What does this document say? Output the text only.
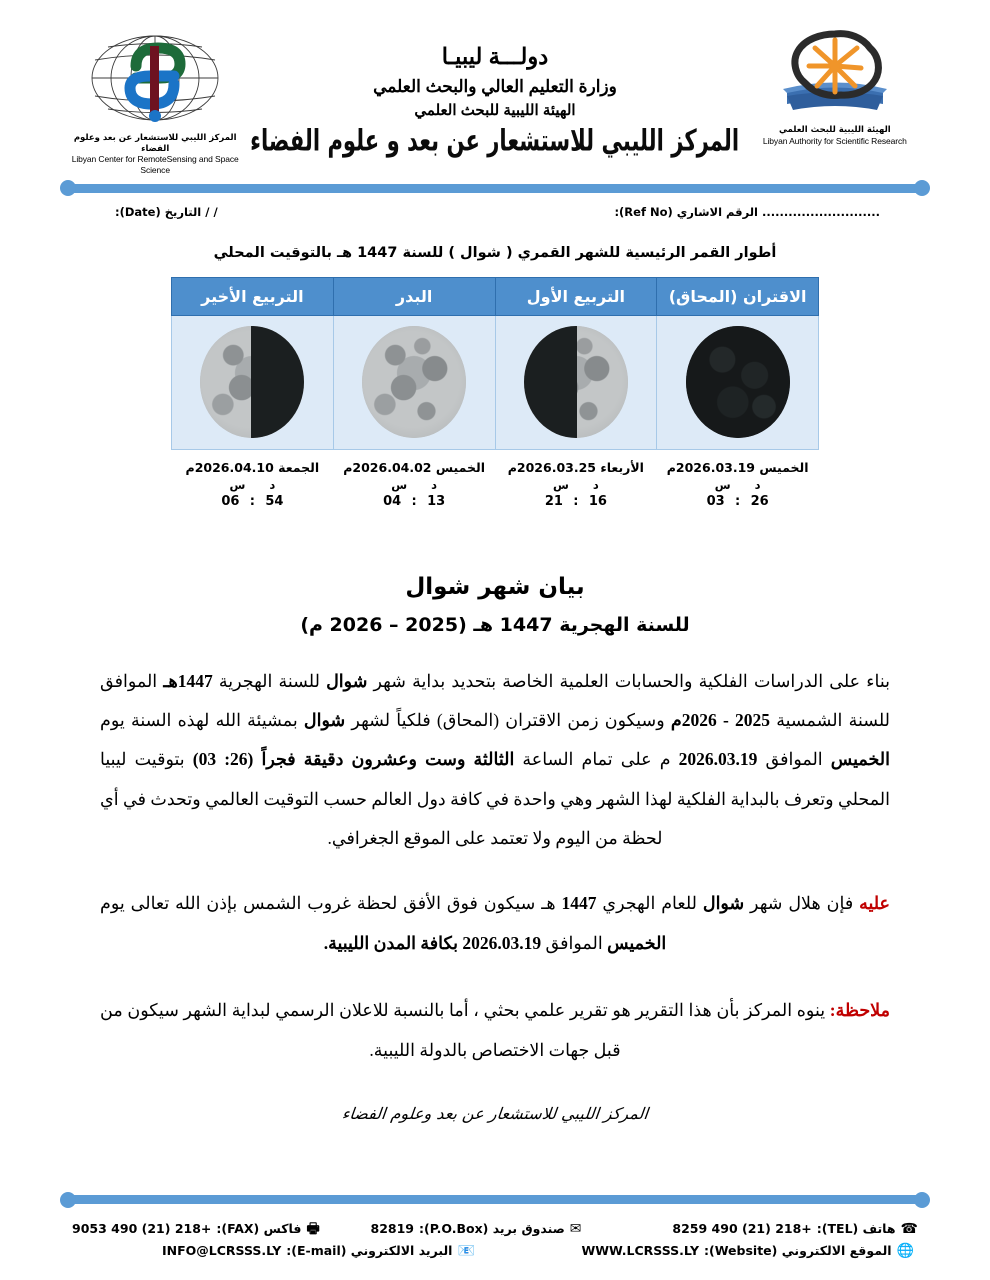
الهيئة الليبية للبحث العلمي
Libyan Authority for Scientific Research
دولـــة ليبيـا
وزارة التعليم العالي والبحث العلمي
الهيئة الليبية للبحث العلمي
المركز الليبي للاستشعار عن بعد و علوم الفضاء
المركز الليبي للاستشعار عن بعد وعلوم الفضاء
Libyan Center for RemoteSensing and Space Science
........................... الرقم الاشاري (Ref No):
/ / التاريخ (Date):
أطوار القمر الرئيسية للشهر القمري ( شوال ) للسنة 1447 هـ بالتوقيت المحلي
الاقتران (المحاق)	التربيع الأول	البدر	التربيع الأخير

الخميس 2026.03.19م
د
س
26
:
03

الأربعاء 2026.03.25م
د
س
16
:
21

الخميس 2026.04.02م
د
س
13
:
04

الجمعة 2026.04.10م
د
س
54
:
06
بيان شهر شوال
للسنة الهجرية 1447 هـ (2025 – 2026 م)
بناء على الدراسات الفلكية والحسابات العلمية الخاصة بتحديد بداية شهر شوال للسنة الهجرية 1447هـ الموافق للسنة الشمسية 2025 - 2026م وسيكون زمن الاقتران (المحاق) فلكياً لشهر شوال بمشيئة الله لهذه السنة يوم الخميس الموافق 2026.03.19 م على تمام الساعة الثالثة وست وعشرون دقيقة فجراً (26: 03) بتوقيت ليبيا المحلي وتعرف بالبداية الفلكية لهذا الشهر وهي واحدة في كافة دول العالم حسب التوقيت العالمي وتحدث في أي لحظة من اليوم ولا تعتمد على الموقع الجغرافي.
عليه فإن هلال شهر شوال للعام الهجري 1447 هـ سيكون فوق الأفق لحظة غروب الشمس بإذن الله تعالى يوم الخميس الموافق 2026.03.19 بكافة المدن الليبية.
ملاحظة: ينوه المركز بأن هذا التقرير هو تقرير علمي بحثي ، أما بالنسبة للاعلان الرسمي لبداية الشهر سيكون من قبل جهات الاختصاص بالدولة الليبية.
المركز الليبي للاستشعار عن بعد وعلوم الفضاء
☎
هاتف (TEL):
+218 (21) 490 8259
✉
صندوق بريد (P.O.Box):
82819
🖶
فاكس (FAX):
+218 (21) 490 9053
🌐
الموقع الالكتروني (Website):
WWW.LCRSSS.LY
📧
البريد الالكتروني (E-mail):
INFO@LCRSSS.LY
